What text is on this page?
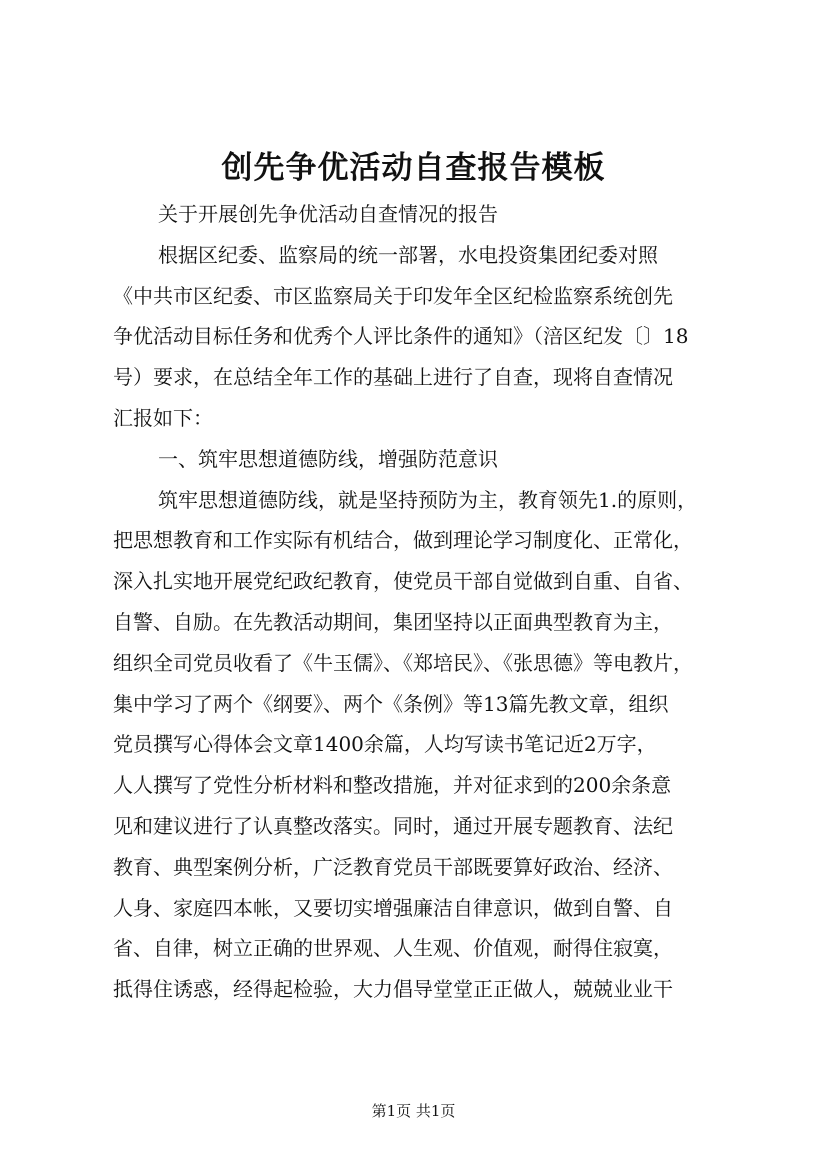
创先争优活动自查报告模板
关于开展创先争优活动自查情况的报告
根据区纪委、监察局的统一部署，水电投资集团纪委对照
《中共市区纪委、市区监察局关于印发年全区纪检监察系统创先
争优活动目标任务和优秀个人评比条件的通知》（涪区纪发〔〕18
号）要求，在总结全年工作的基础上进行了自查，现将自查情况
汇报如下：
一、筑牢思想道德防线，增强防范意识
筑牢思想道德防线，就是坚持预防为主，教育领先1.的原则，
把思想教育和工作实际有机结合，做到理论学习制度化、正常化，
深入扎实地开展党纪政纪教育，使党员干部自觉做到自重、自省、
自警、自励。在先教活动期间，集团坚持以正面典型教育为主，
组织全司党员收看了《牛玉儒》、《郑培民》、《张思德》等电教片，
集中学习了两个《纲要》、两个《条例》等13篇先教文章，组织
党员撰写心得体会文章1400余篇，人均写读书笔记近2万字，
人人撰写了党性分析材料和整改措施，并对征求到的200余条意
见和建议进行了认真整改落实。同时，通过开展专题教育、法纪
教育、典型案例分析，广泛教育党员干部既要算好政治、经济、
人身、家庭四本帐，又要切实增强廉洁自律意识，做到自警、自
省、自律，树立正确的世界观、人生观、价值观，耐得住寂寞，
抵得住诱惑，经得起检验，大力倡导堂堂正正做人，兢兢业业干
第1页 共1页
